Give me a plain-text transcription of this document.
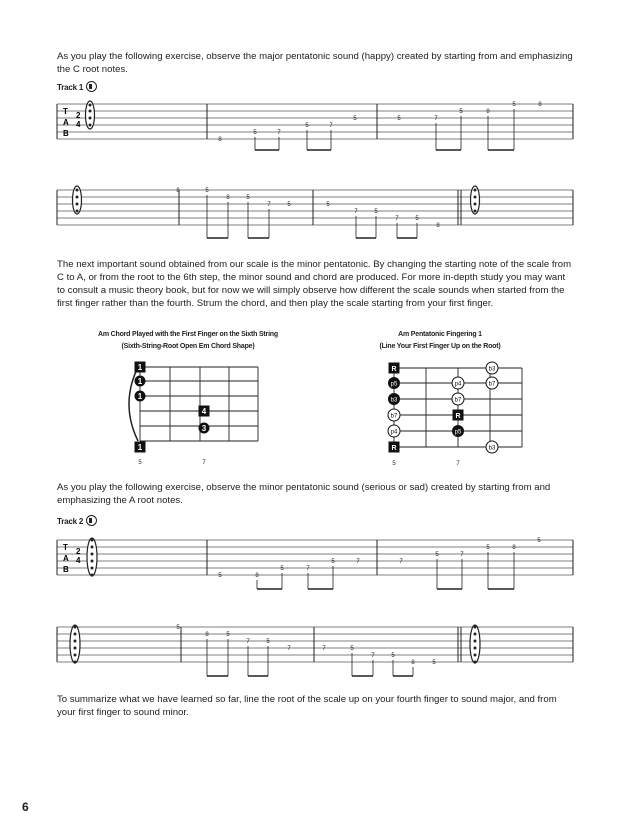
As you play the following exercise, observe the major pentatonic sound (happy) created by starting from and emphasizing the C root notes.

The next important sound obtained from our scale is the minor pentatonic. By changing the starting note of the scale from C to A, or from the root to the 6th step, the minor sound and chord are produced. For more in-depth study you may want to consult a music theory book, but for now we will simply observe how different the scale sounds when started from the first finger rather than the fourth. Strum the chord, and then play the scale starting from your first finger.

As you play the following exercise, observe the minor pentatonic sound (serious or sad) created by starting from and emphasizing the A root notes.

To summarize what we have learned so far, line the root of the scale up on your fourth finger to sound major, and from your first finger to sound minor.

Track 1
Track 2
Am Chord Played with the First Finger on the Sixth String
(Sixth-String-Root Open Em Chord Shape)
Am Pentatonic Fingering 1
(Line Your First Finger Up on the Root)
6
T
A
B
2
4
8
5	7
5	7
5	5	7
5	8
5	8
8	5
8	5
7	5	5
7	5
7	5
8
1
1
1
4
3
1
5	7
R
p5
b3
b7
p4
R
b7
p4
R
p5
b3
b7
b3
5	7
T
A
B
2
4
5	8
5	7
5	7	7
5	7
5	8
5
5
8	5
7	5
7	7	5
7	5
8	5
